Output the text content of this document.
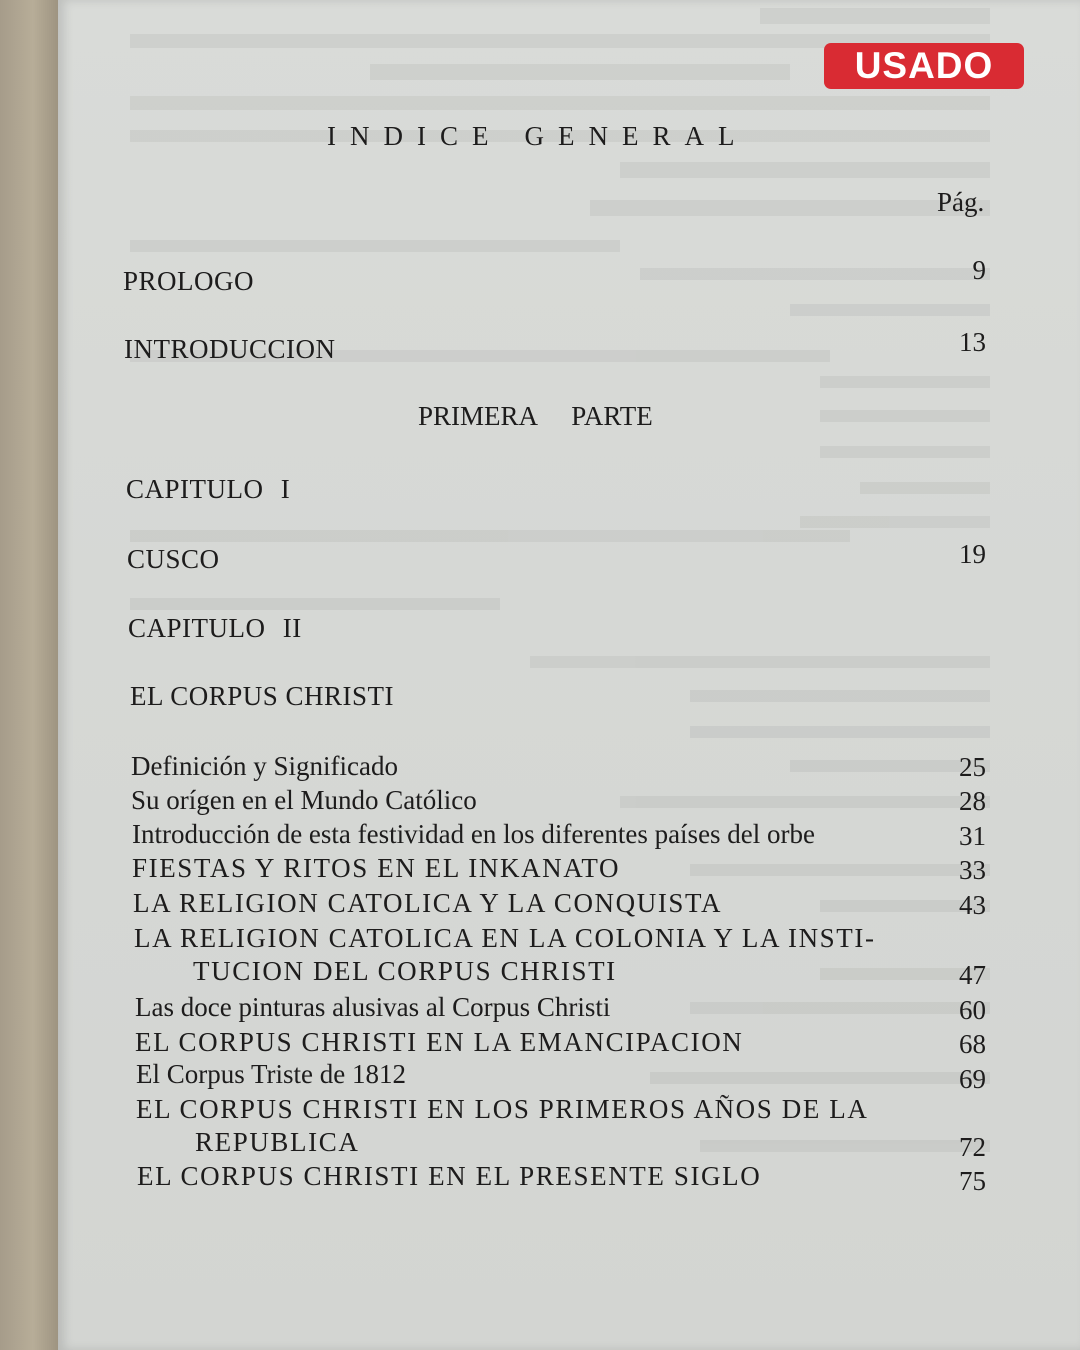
USADO
INDICE GENERAL
Pág.
PROLOGO	9
INTRODUCCION	13
PRIMERA PARTE
CAPITULO I
CUSCO	19
CAPITULO II
EL CORPUS CHRISTI
Definición y Significado	25
Su orígen en el Mundo Católico	28
Introducción de esta festividad en los diferentes países del orbe	31
FIESTAS Y RITOS EN EL INKANATO	33
LA RELIGION CATOLICA Y LA CONQUISTA	43
LA RELIGION CATOLICA EN LA COLONIA Y LA INSTI-
TUCION DEL CORPUS CHRISTI	47
Las doce pinturas alusivas al Corpus Christi	60
EL CORPUS CHRISTI EN LA EMANCIPACION	68
El Corpus Triste de 1812	69
EL CORPUS CHRISTI EN LOS PRIMEROS AÑOS DE LA
REPUBLICA	72
EL CORPUS CHRISTI EN EL PRESENTE SIGLO	75
